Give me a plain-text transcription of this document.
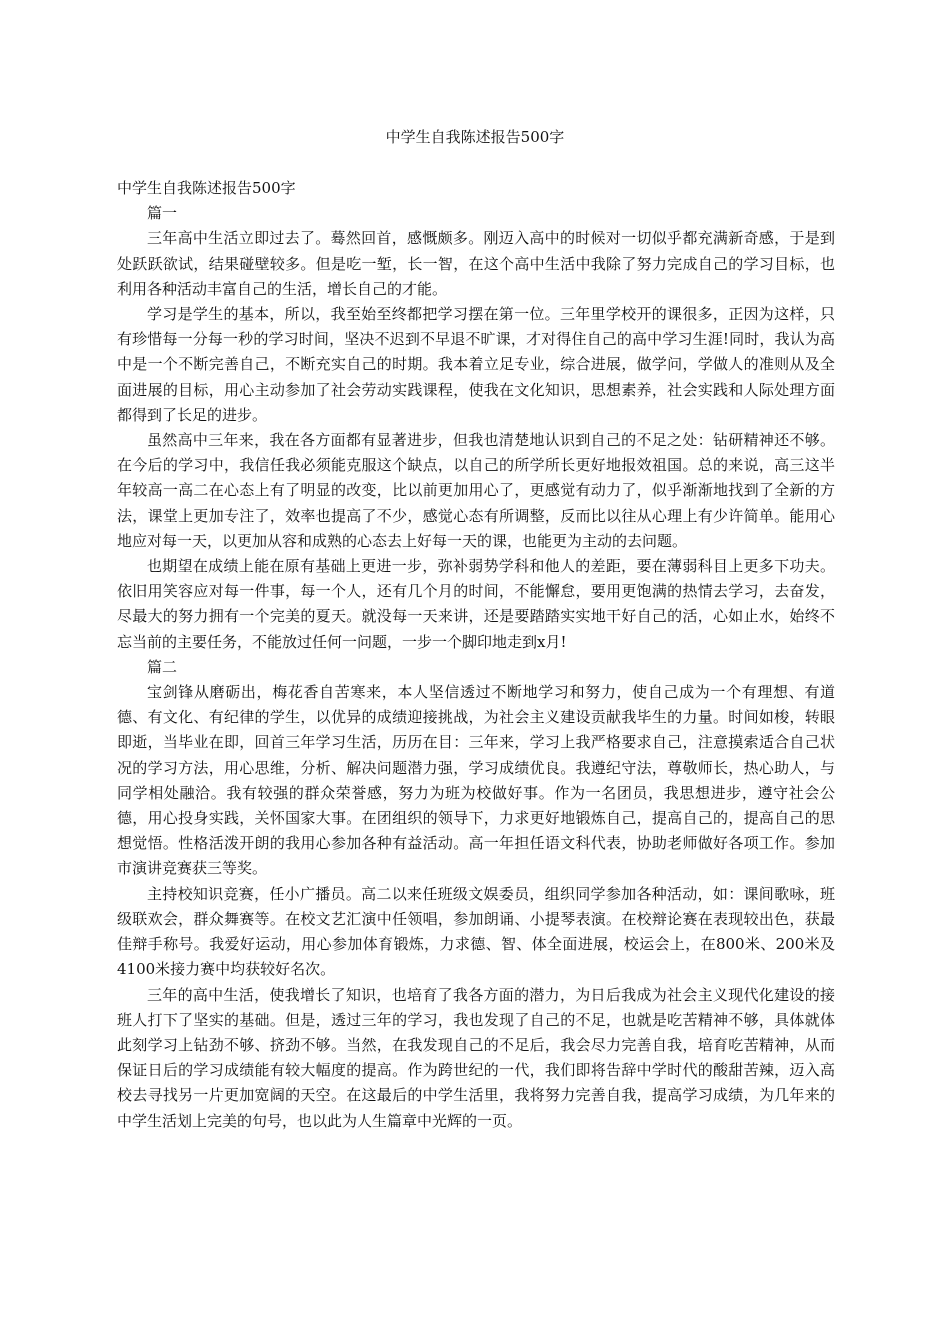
中学生自我陈述报告500字

中学生自我陈述报告500字

篇一

三年高中生活立即过去了。蓦然回首，感慨颇多。刚迈入高中的时候对一切似乎都充满新奇感，于是到处跃跃欲试，结果碰壁较多。但是吃一堑，长一智，在这个高中生活中我除了努力完成自己的学习目标，也利用各种活动丰富自己的生活，增长自己的才能。

学习是学生的基本，所以，我至始至终都把学习摆在第一位。三年里学校开的课很多，正因为这样，只有珍惜每一分每一秒的学习时间，坚决不迟到不早退不旷课，才对得住自己的高中学习生涯!同时，我认为高中是一个不断完善自己，不断充实自己的时期。我本着立足专业，综合进展，做学问，学做人的准则从及全面进展的目标，用心主动参加了社会劳动实践课程，使我在文化知识，思想素养，社会实践和人际处理方面都得到了长足的进步。

虽然高中三年来，我在各方面都有显著进步，但我也清楚地认识到自己的不足之处：钻研精神还不够。在今后的学习中，我信任我必须能克服这个缺点，以自己的所学所长更好地报效祖国。总的来说，高三这半年较高一高二在心态上有了明显的改变，比以前更加用心了，更感觉有动力了，似乎渐渐地找到了全新的方法，课堂上更加专注了，效率也提高了不少，感觉心态有所调整，反而比以往从心理上有少许简单。能用心地应对每一天，以更加从容和成熟的心态去上好每一天的课，也能更为主动的去问题。

也期望在成绩上能在原有基础上更进一步，弥补弱势学科和他人的差距，要在薄弱科目上更多下功夫。依旧用笑容应对每一件事，每一个人，还有几个月的时间，不能懈怠，要用更饱满的热情去学习，去奋发，尽最大的努力拥有一个完美的夏天。就没每一天来讲，还是要踏踏实实地干好自己的活，心如止水，始终不忘当前的主要任务，不能放过任何一问题，一步一个脚印地走到x月!

篇二

宝剑锋从磨砺出，梅花香自苦寒来，本人坚信透过不断地学习和努力，使自己成为一个有理想、有道德、有文化、有纪律的学生，以优异的成绩迎接挑战，为社会主义建设贡献我毕生的力量。时间如梭，转眼即逝，当毕业在即，回首三年学习生活，历历在目：三年来，学习上我严格要求自己，注意摸索适合自己状况的学习方法，用心思维，分析、解决问题潜力强，学习成绩优良。我遵纪守法，尊敬师长，热心助人，与同学相处融洽。我有较强的群众荣誉感，努力为班为校做好事。作为一名团员，我思想进步，遵守社会公德，用心投身实践，关怀国家大事。在团组织的领导下，力求更好地锻炼自己，提高自己的，提高自己的思想觉悟。性格活泼开朗的我用心参加各种有益活动。高一年担任语文科代表，协助老师做好各项工作。参加市演讲竞赛获三等奖。

主持校知识竞赛，任小广播员。高二以来任班级文娱委员，组织同学参加各种活动，如：课间歌咏，班级联欢会，群众舞赛等。在校文艺汇演中任领唱，参加朗诵、小提琴表演。在校辩论赛在表现较出色，获最佳辩手称号。我爱好运动，用心参加体育锻炼，力求德、智、体全面进展，校运会上，在800米、200米及4100米接力赛中均获较好名次。

三年的高中生活，使我增长了知识，也培育了我各方面的潜力，为日后我成为社会主义现代化建设的接班人打下了坚实的基础。但是，透过三年的学习，我也发现了自己的不足，也就是吃苦精神不够，具体就体此刻学习上钻劲不够、挤劲不够。当然，在我发现自己的不足后，我会尽力完善自我，培育吃苦精神，从而保证日后的学习成绩能有较大幅度的提高。作为跨世纪的一代，我们即将告辞中学时代的酸甜苦辣，迈入高校去寻找另一片更加宽阔的天空。在这最后的中学生活里，我将努力完善自我，提高学习成绩，为几年来的中学生活划上完美的句号，也以此为人生篇章中光辉的一页。
